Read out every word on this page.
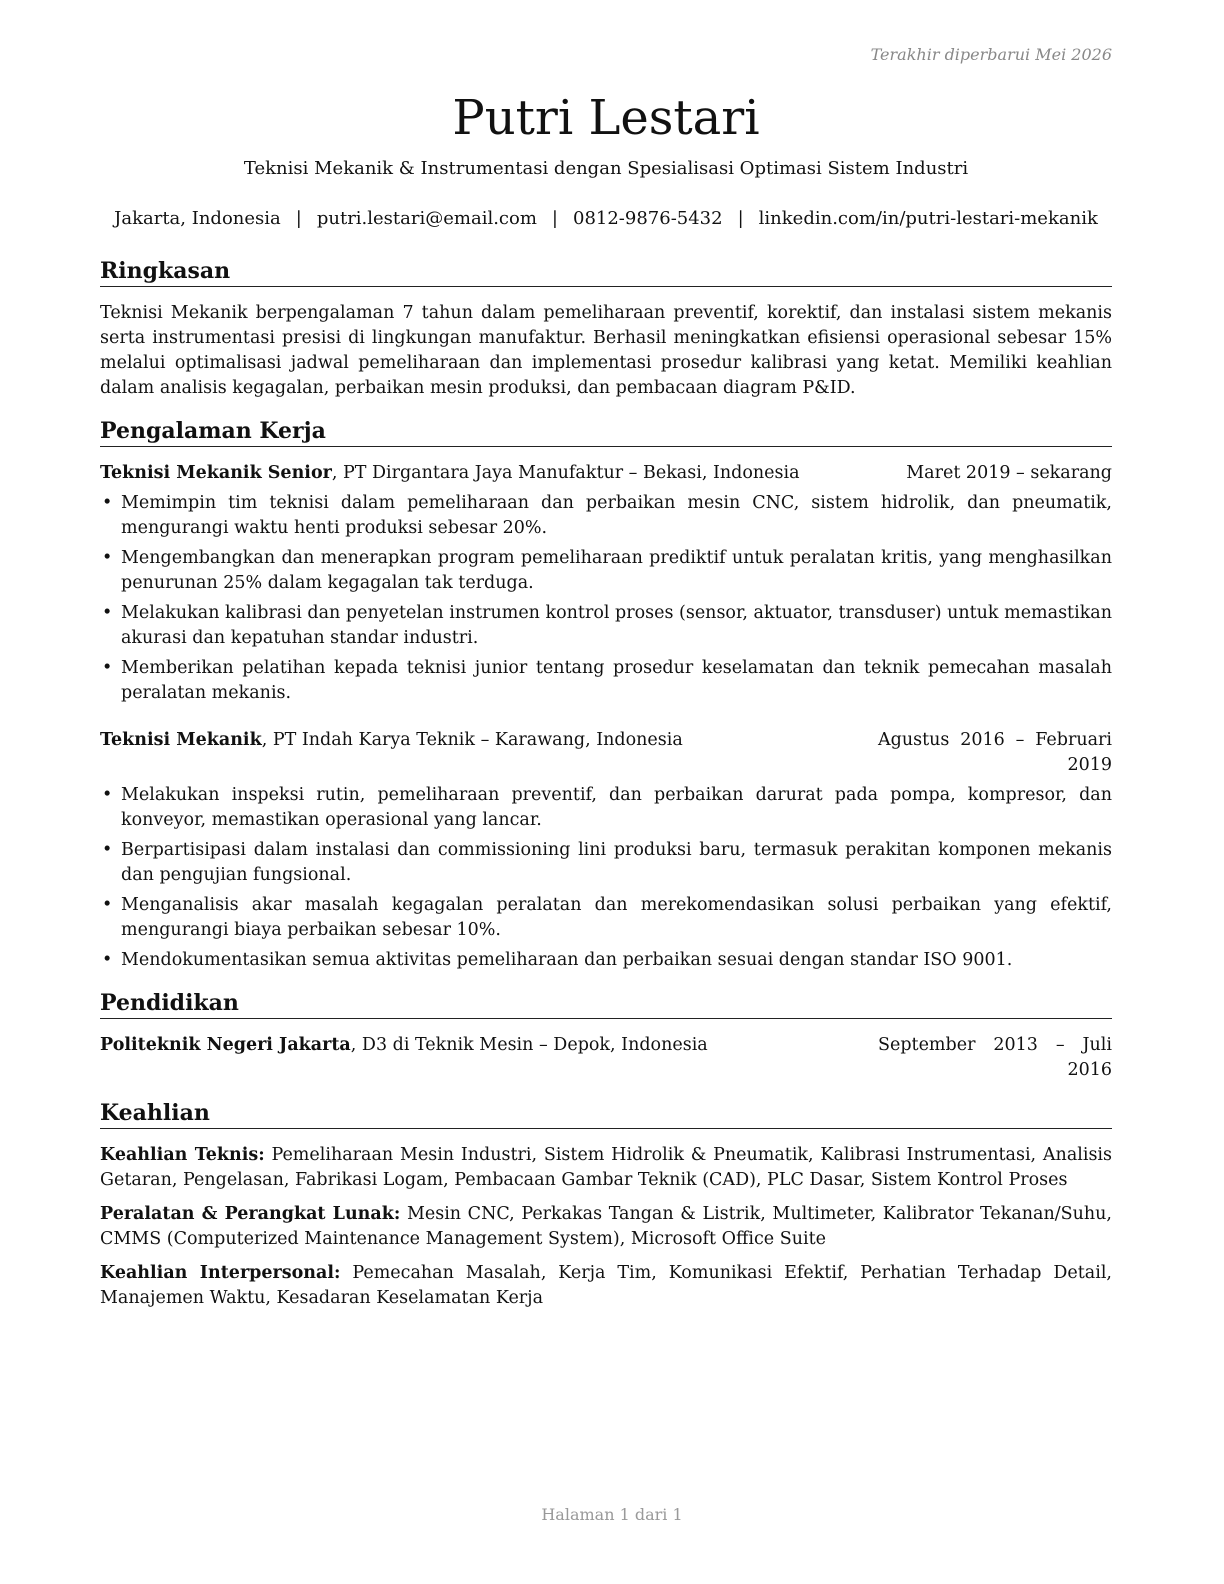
Terakhir diperbarui Mei 2026
Putri Lestari
Teknisi Mekanik & Instrumentasi dengan Spesialisasi Optimasi Sistem Industri
Jakarta, Indonesia | putri.lestari@email.com | 0812-9876-5432 | linkedin.com/in/putri-lestari-mekanik
Ringkasan
Teknisi Mekanik berpengalaman 7 tahun dalam pemeliharaan preventif, korektif, dan instalasi sistem mekanis serta instrumentasi presisi di lingkungan manufaktur. Berhasil meningkatkan efisiensi operasional sebesar 15% melalui optimalisasi jadwal pemeliharaan dan implementasi prosedur kalibrasi yang ketat. Memiliki keahlian dalam analisis kegagalan, perbaikan mesin produksi, dan pembacaan diagram P&ID.
Pengalaman Kerja
Teknisi Mekanik Senior, PT Dirgantara Jaya Manufaktur – Bekasi, Indonesia	Maret 2019 – sekarang
• Memimpin tim teknisi dalam pemeliharaan dan perbaikan mesin CNC, sistem hidrolik, dan pneumatik, mengurangi waktu henti produksi sebesar 20%.
• Mengembangkan dan menerapkan program pemeliharaan prediktif untuk peralatan kritis, yang menghasilkan penurunan 25% dalam kegagalan tak terduga.
• Melakukan kalibrasi dan penyetelan instrumen kontrol proses (sensor, aktuator, transduser) untuk memastikan akurasi dan kepatuhan standar industri.
• Memberikan pelatihan kepada teknisi junior tentang prosedur keselamatan dan teknik pemecahan masalah peralatan mekanis.
Teknisi Mekanik, PT Indah Karya Teknik – Karawang, Indonesia	Agustus 2016 – Februari 2019
• Melakukan inspeksi rutin, pemeliharaan preventif, dan perbaikan darurat pada pompa, kompresor, dan konveyor, memastikan operasional yang lancar.
• Berpartisipasi dalam instalasi dan commissioning lini produksi baru, termasuk perakitan komponen mekanis dan pengujian fungsional.
• Menganalisis akar masalah kegagalan peralatan dan merekomendasikan solusi perbaikan yang efektif, mengurangi biaya perbaikan sebesar 10%.
• Mendokumentasikan semua aktivitas pemeliharaan dan perbaikan sesuai dengan standar ISO 9001.
Pendidikan
Politeknik Negeri Jakarta, D3 di Teknik Mesin – Depok, Indonesia	September 2013 – Juli 2016
Keahlian
Keahlian Teknis: Pemeliharaan Mesin Industri, Sistem Hidrolik & Pneumatik, Kalibrasi Instrumentasi, Analisis Getaran, Pengelasan, Fabrikasi Logam, Pembacaan Gambar Teknik (CAD), PLC Dasar, Sistem Kontrol Proses
Peralatan & Perangkat Lunak: Mesin CNC, Perkakas Tangan & Listrik, Multimeter, Kalibrator Tekanan/Suhu, CMMS (Computerized Maintenance Management System), Microsoft Office Suite
Keahlian Interpersonal: Pemecahan Masalah, Kerja Tim, Komunikasi Efektif, Perhatian Terhadap Detail, Manajemen Waktu, Kesadaran Keselamatan Kerja
Halaman 1 dari 1
